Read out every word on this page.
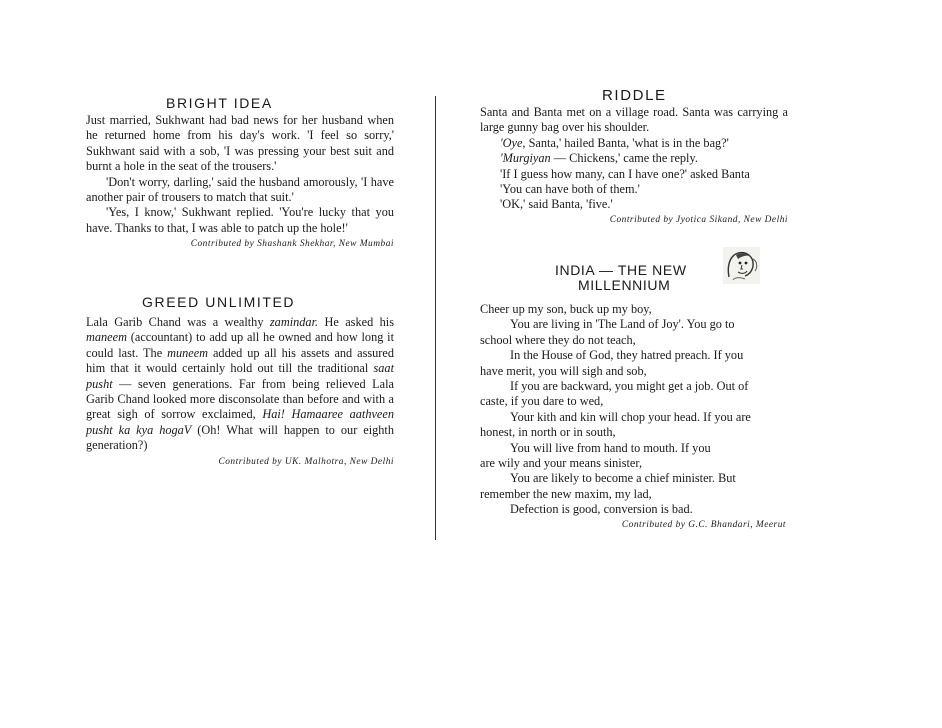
BRIGHT IDEA

Just married, Sukhwant had bad news for her husband when he returned home from his day's work. 'I feel so sorry,' Sukhwant said with a sob, 'I was pressing your best suit and burnt a hole in the seat of the trousers.'

'Don't worry, darling,' said the husband amorously, 'I have another pair of trousers to match that suit.'

'Yes, I know,' Sukhwant replied. 'You're lucky that you have. Thanks to that, I was able to patch up the hole!'

Contributed by Shashank Shekhar, New Mumbai

GREED UNLIMITED

Lala Garib Chand was a wealthy zamindar. He asked his maneem (accountant) to add up all he owned and how long it could last. The muneem added up all his assets and assured him that it would certainly hold out till the traditional saat pusht — seven generations. Far from being relieved Lala Garib Chand looked more disconsolate than before and with a great sigh of sorrow exclaimed, Hai! Hamaaree aathveen pusht ka kya hogaV (Oh! What will happen to our eighth generation?)

Contributed by UK. Malhotra, New Delhi

RIDDLE

Santa and Banta met on a village road. Santa was carrying a large gunny bag over his shoulder.

'Oye, Santa,' hailed Banta, 'what is in the bag?'

'Murgiyan — Chickens,' came the reply.

'If I guess how many, can I have one?' asked Banta

'You can have both of them.'

'OK,' said Banta, 'five.'

Contributed by Jyotica Sikand, New Delhi

INDIA — THE NEW
MILLENNIUM

Cheer up my son, buck up my boy,

You are living in 'The Land of Joy'. You go to

school where they do not teach,

In the House of God, they hatred preach. If you

have merit, you will sigh and sob,

If you are backward, you might get a job. Out of

caste, if you dare to wed,

Your kith and kin will chop your head. If you are

honest, in north or in south,

You will live from hand to mouth. If you

are wily and your means sinister,

You are likely to become a chief minister. But

remember the new maxim, my lad,

Defection is good, conversion is bad.

Contributed by G.C. Bhandari, Meerut
